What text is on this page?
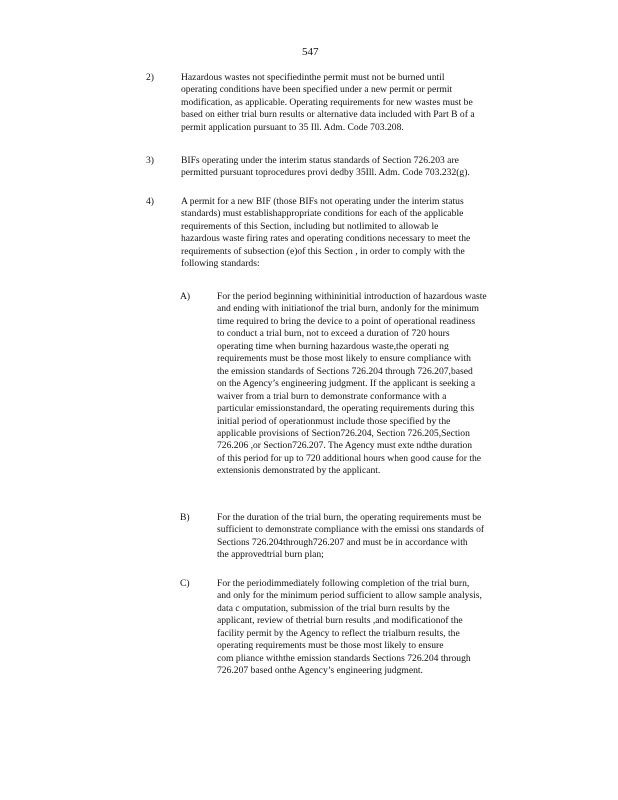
547
2)	Hazardous wastes not specifiedinthe permit must not be burned until
operating conditions have been specified under a new permit or permit
modification, as applicable. Operating requirements for new wastes must be
based on either trial burn results or alternative data included with Part B of a
permit application pursuant to 35 Ill. Adm. Code 703.208.
3)	BIFs operating under the interim status standards of Section 726.203 are
permitted pursuant toprocedures provi dedby 35Ill. Adm. Code 703.232(g).
4)	A permit for a new BIF (those BIFs not operating under the interim status
standards) must establishappropriate conditions for each of the applicable
requirements of this Section, including but notlimited to allowab le
hazardous waste firing rates and operating conditions necessary to meet the
requirements of subsection (e)of this Section , in order to comply with the
following standards:
A)	For the period beginning withininitial introduction of hazardous waste
and ending with initiationof the trial burn, andonly for the minimum
time required to bring the device to a point of operational readiness
to conduct a trial burn, not to exceed a duration of 720 hours
operating time when burning hazardous waste,the operati ng
requirements must be those most likely to ensure compliance with
the emission standards of Sections 726.204 through 726.207,based
on the Agency’s engineering judgment. If the applicant is seeking a
waiver from a trial burn to demonstrate conformance with a
particular emissionstandard, the operating requirements during this
initial period of operationmust include those specified by the
applicable provisions of Section726.204, Section 726.205,Section
726.206 ,or Section726.207. The Agency must exte ndthe duration
of this period for up to 720 additional hours when good cause for the
extensionis demonstrated by the applicant.
B)	For the duration of the trial burn, the operating requirements must be
sufficient to demonstrate compliance with the emissi ons standards of
Sections 726.204through726.207 and must be in accordance with
the approvedtrial burn plan;
C)	For the periodimmediately following completion of the trial burn,
and only for the minimum period sufficient to allow sample analysis,
data c omputation, submission of the trial burn results by the
applicant, review of thetrial burn results ,and modificationof the
facility permit by the Agency to reflect the trialburn results, the
operating requirements must be those most likely to ensure
com pliance withthe emission standards Sections 726.204 through
726.207 based onthe Agency’s engineering judgment.
